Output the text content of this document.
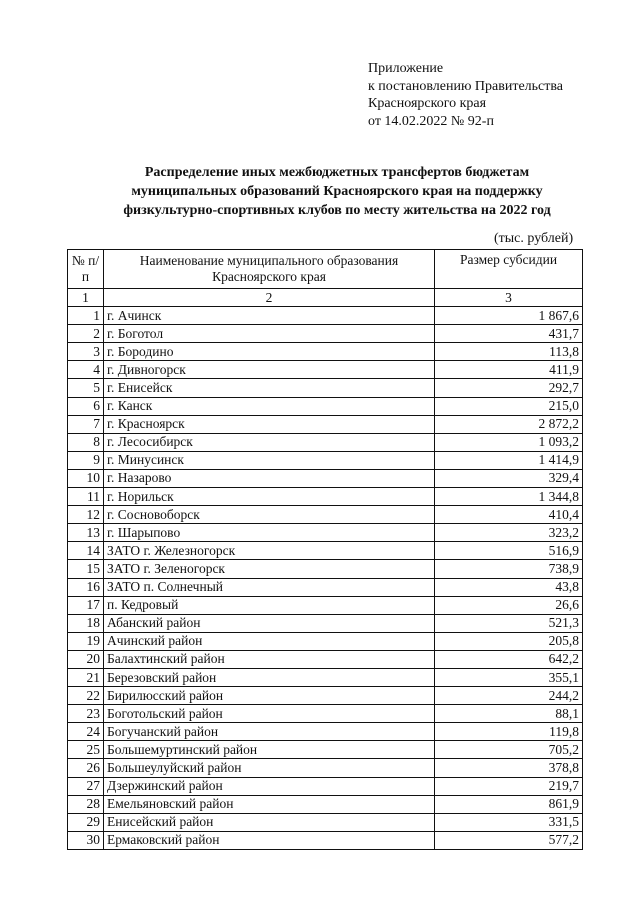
Приложение
к постановлению Правительства
Красноярского края
от 14.02.2022 № 92-п
Распределение иных межбюджетных трансфертов бюджетам
муниципальных образований Красноярского края на поддержку
физкультурно-спортивных клубов по месту жительства на 2022 год
(тыс. рублей)
№ п/п	Наименование муниципального образования Красноярского края	Размер субсидии
1	2	3
1	г. Ачинск	1 867,6
2	г. Боготол	431,7
3	г. Бородино	113,8
4	г. Дивногорск	411,9
5	г. Енисейск	292,7
6	г. Канск	215,0
7	г. Красноярск	2 872,2
8	г. Лесосибирск	1 093,2
9	г. Минусинск	1 414,9
10	г. Назарово	329,4
11	г. Норильск	1 344,8
12	г. Сосновоборск	410,4
13	г. Шарыпово	323,2
14	ЗАТО г. Железногорск	516,9
15	ЗАТО г. Зеленогорск	738,9
16	ЗАТО п. Солнечный	43,8
17	п. Кедровый	26,6
18	Абанский район	521,3
19	Ачинский район	205,8
20	Балахтинский район	642,2
21	Березовский район	355,1
22	Бирилюсский район	244,2
23	Боготольский район	88,1
24	Богучанский район	119,8
25	Большемуртинский район	705,2
26	Большеулуйский район	378,8
27	Дзержинский район	219,7
28	Емельяновский район	861,9
29	Енисейский район	331,5
30	Ермаковский район	577,2
